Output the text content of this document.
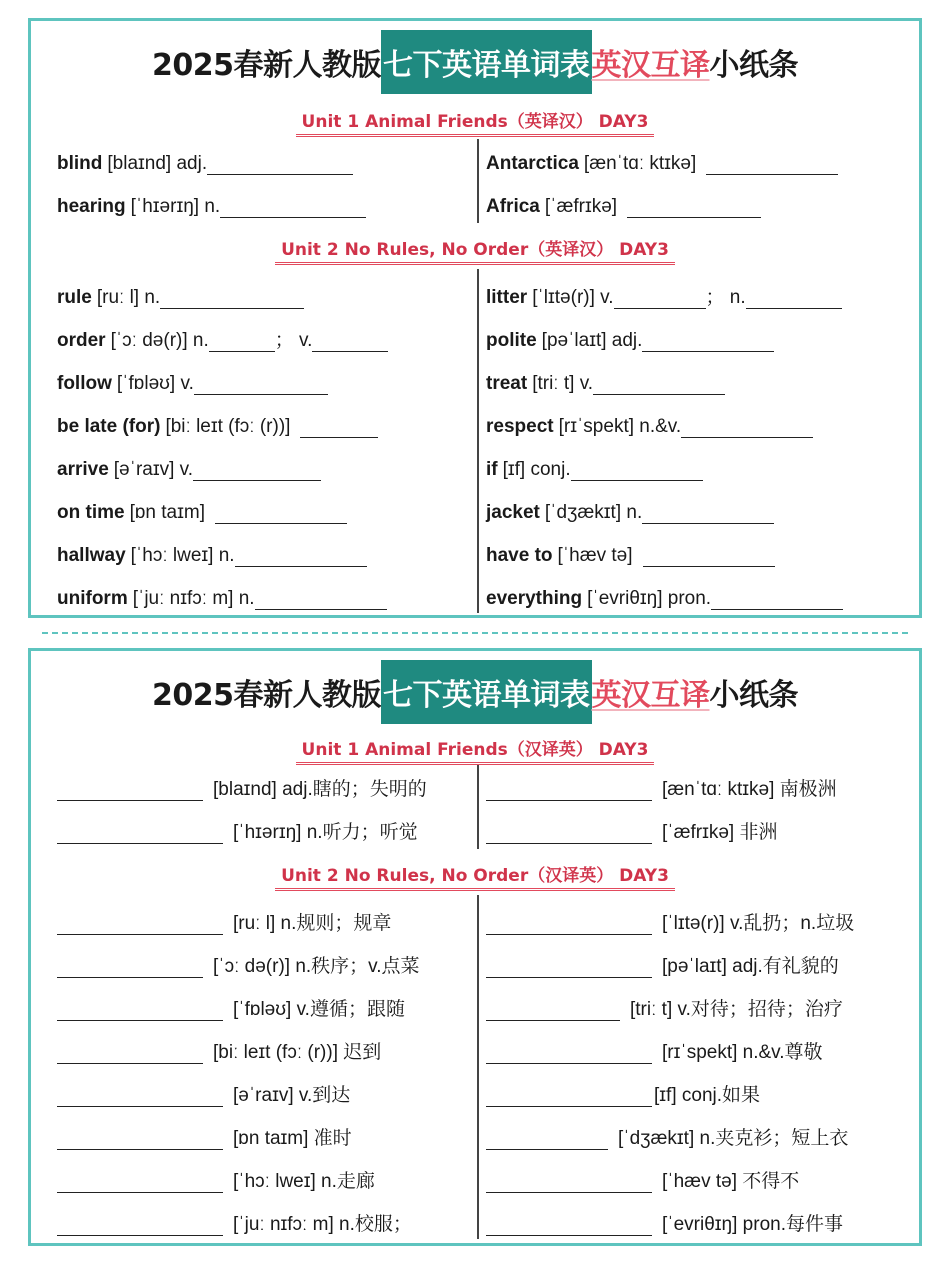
2025春新人教版 七下英语单词表 英汉互译 小纸条
Unit 1 Animal Friends（英译汉） DAY3
blind [blaɪnd] adj.
hearing [ˈhɪərɪŋ] n.
Antarctica [ænˈtɑː ktɪkə]
Africa [ˈæfrɪkə]
Unit 2 No Rules, No Order（英译汉） DAY3
rule [ruː l] n.
order [ˈɔː də(r)] n.	； v.
follow [ˈfɒləʊ] v.
be late (for) [biː leɪt (fɔː (r))]
arrive [əˈraɪv] v.
on time [ɒn taɪm]
hallway [ˈhɔː lweɪ] n.
uniform [ˈjuː nɪfɔː m] n.
litter [ˈlɪtə(r)] v.	； n.
polite [pəˈlaɪt] adj.
treat [triː t] v.
respect [rɪˈspekt] n.&v.
if [ɪf] conj.
jacket [ˈdʒækɪt] n.
have to [ˈhæv tə]
everything [ˈevriθɪŋ] pron.
2025春新人教版 七下英语单词表 英汉互译 小纸条
Unit 1 Animal Friends（汉译英） DAY3
[blaɪnd] adj.瞎的；失明的
[ˈhɪərɪŋ] n.听力；听觉
[ænˈtɑː ktɪkə] 南极洲
[ˈæfrɪkə] 非洲
Unit 2 No Rules, No Order（汉译英） DAY3
[ruː l] n.规则；规章
[ˈɔː də(r)] n.秩序；v.点菜
[ˈfɒləʊ] v.遵循；跟随
[biː leɪt (fɔː (r))] 迟到
[əˈraɪv] v.到达
[ɒn taɪm] 准时
[ˈhɔː lweɪ] n.走廊
[ˈjuː nɪfɔː m] n.校服；
[ˈlɪtə(r)] v.乱扔；n.垃圾
[pəˈlaɪt] adj.有礼貌的
[triː t] v.对待；招待；治疗
[rɪˈspekt] n.&v.尊敬
[ɪf] conj.如果
[ˈdʒækɪt] n.夹克衫；短上衣
[ˈhæv tə] 不得不
[ˈevriθɪŋ] pron.每件事
